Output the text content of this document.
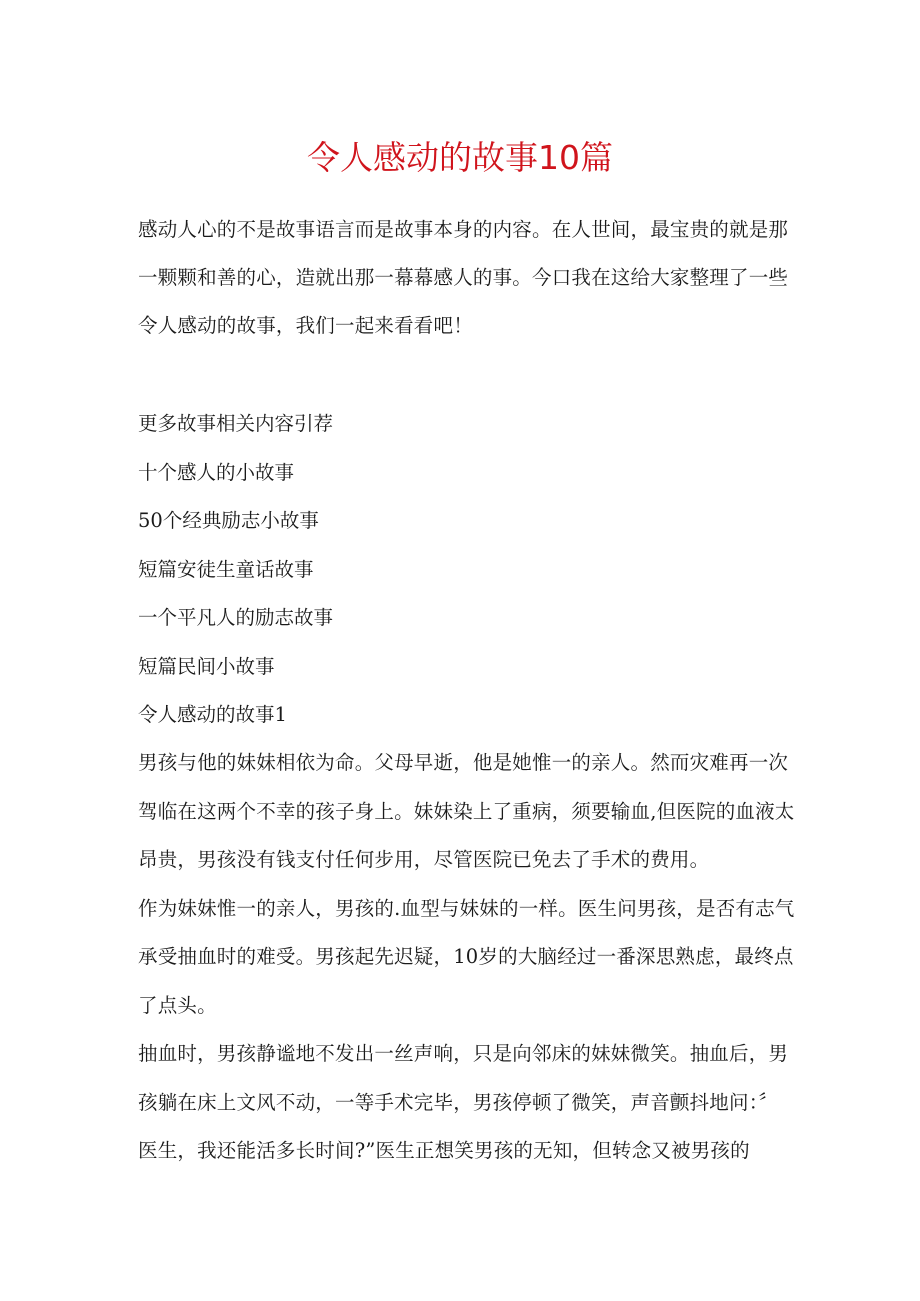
令人感动的故事10篇

感动人心的不是故事语言而是故事本身的内容。在人世间，最宝贵的就是那一颗颗和善的心，造就出那一幕幕感人的事。今口我在这给大家整理了一些令人感动的故事，我们一起来看看吧！

更多故事相关内容引荐
十个感人的小故事
50个经典励志小故事
短篇安徒生童话故事
一个平凡人的励志故事
短篇民间小故事
令人感动的故事1

男孩与他的妹妹相依为命。父母早逝，他是她惟一的亲人。然而灾难再一次驾临在这两个不幸的孩子身上。妹妹染上了重病，须要输血,但医院的血液太昂贵，男孩没有钱支付任何步用，尽管医院已免去了手术的费用。

作为妹妹惟一的亲人，男孩的.血型与妹妹的一样。医生问男孩，是否有志气承受抽血时的难受。男孩起先迟疑，10岁的大脑经过一番深思熟虑，最终点了点头。

抽血时，男孩静谧地不发出一丝声响，只是向邻床的妹妹微笑。抽血后，男孩躺在床上文风不动，一等手术完毕，男孩停顿了微笑，声音颤抖地问：〞医生，我还能活多长时间?”医生正想笑男孩的无知，但转念又被男孩的
